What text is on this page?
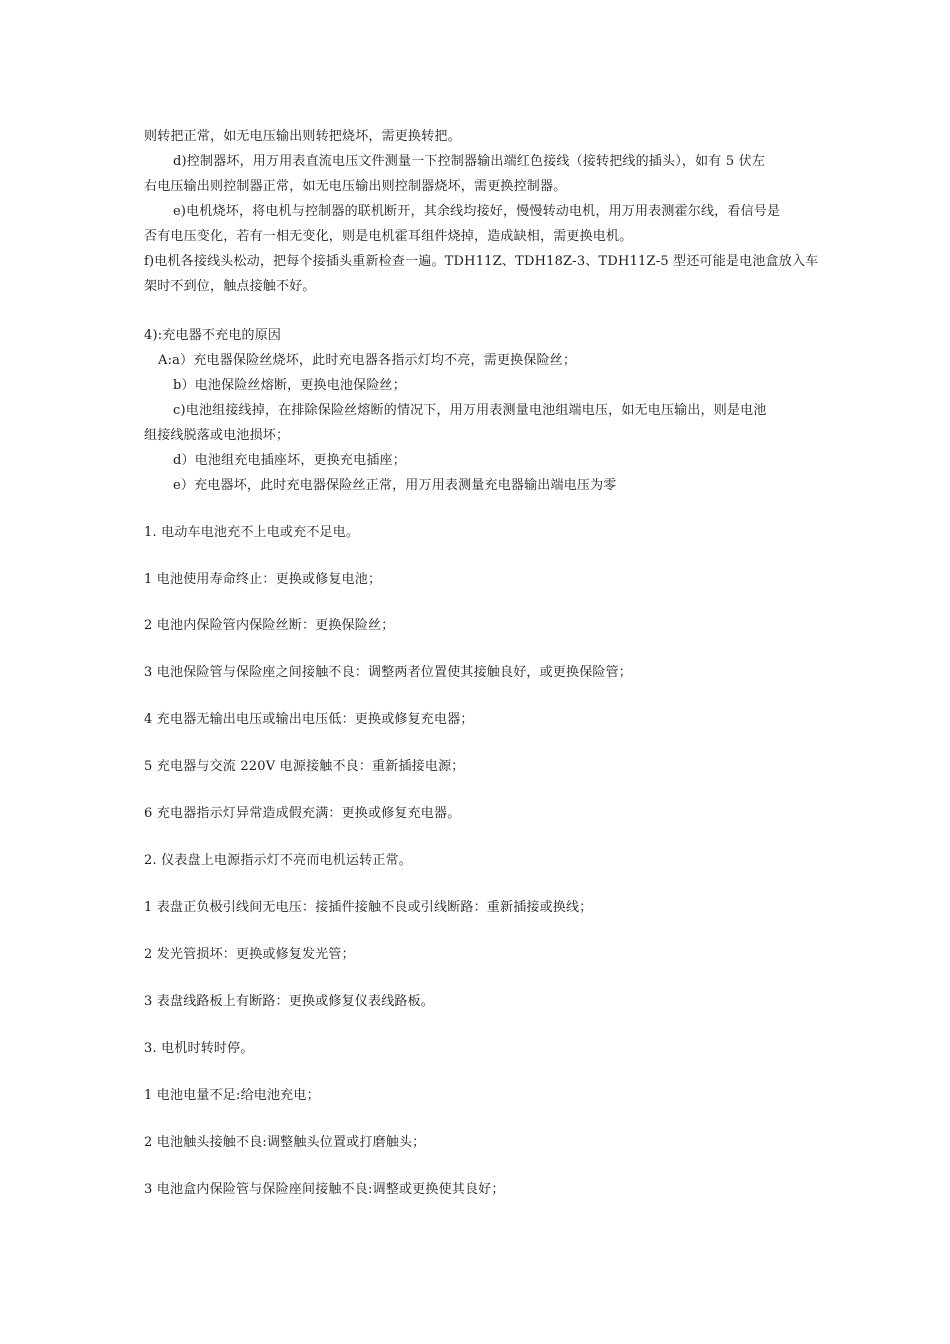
则转把正常，如无电压输出则转把烧坏，需更换转把。
d)控制器坏，用万用表直流电压文件测量一下控制器输出端红色接线（接转把线的插头），如有 5 伏左
右电压输出则控制器正常，如无电压输出则控制器烧坏，需更换控制器。
e)电机烧坏，将电机与控制器的联机断开，其余线均接好，慢慢转动电机，用万用表测霍尔线，看信号是
否有电压变化，若有一相无变化，则是电机霍耳组件烧掉，造成缺相，需更换电机。
f)电机各接线头松动，把每个接插头重新检查一遍。TDH11Z、TDH18Z-3、TDH11Z-5 型还可能是电池盒放入车
架时不到位，触点接触不好。
4):充电器不充电的原因
A:a）充电器保险丝烧坏，此时充电器各指示灯均不亮，需更换保险丝；
b）电池保险丝熔断，更换电池保险丝；
c)电池组接线掉，在排除保险丝熔断的情况下，用万用表测量电池组端电压，如无电压输出，则是电池
组接线脱落或电池损坏；
d）电池组充电插座坏，更换充电插座；
e）充电器坏，此时充电器保险丝正常，用万用表测量充电器输出端电压为零
1. 电动车电池充不上电或充不足电。
1 电池使用寿命终止：更换或修复电池；
2 电池内保险管内保险丝断：更换保险丝；
3 电池保险管与保险座之间接触不良：调整两者位置使其接触良好，或更换保险管；
4 充电器无输出电压或输出电压低：更换或修复充电器；
5 充电器与交流 220V 电源接触不良：重新插接电源；
6 充电器指示灯异常造成假充满：更换或修复充电器。
2. 仪表盘上电源指示灯不亮而电机运转正常。
1 表盘正负极引线间无电压：接插件接触不良或引线断路：重新插接或换线；
2 发光管损坏：更换或修复发光管；
3 表盘线路板上有断路：更换或修复仪表线路板。
3. 电机时转时停。
1 电池电量不足:给电池充电；
2 电池触头接触不良:调整触头位置或打磨触头；
3 电池盒内保险管与保险座间接触不良:调整或更换使其良好；
